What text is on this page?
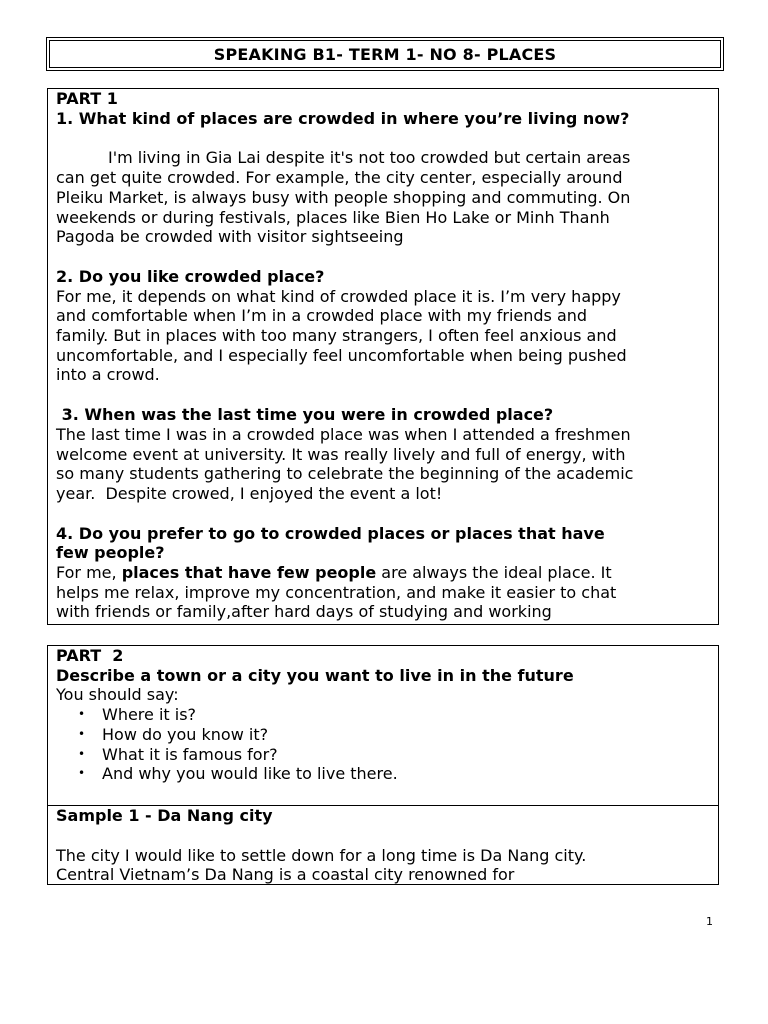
SPEAKING B1- TERM 1- NO 8- PLACES
PART 1
1. What kind of places are crowded in where you’re living now?
I'm living in Gia Lai despite it's not too crowded but certain areas
can get quite crowded. For example, the city center, especially around
Pleiku Market, is always busy with people shopping and commuting. On
weekends or during festivals, places like Bien Ho Lake or Minh Thanh
Pagoda be crowded with visitor sightseeing
2. Do you like crowded place?
For me, it depends on what kind of crowded place it is. I’m very happy
and comfortable when I’m in a crowded place with my friends and
family. But in places with too many strangers, I often feel anxious and
uncomfortable, and I especially feel uncomfortable when being pushed
into a crowd.
3. When was the last time you were in crowded place?
The last time I was in a crowded place was when I attended a freshmen
welcome event at university. It was really lively and full of energy, with
so many students gathering to celebrate the beginning of the academic
year.  Despite crowed, I enjoyed the event a lot!
4. Do you prefer to go to crowded places or places that have
few people?
For me, places that have few people are always the ideal place. It
helps me relax, improve my concentration, and make it easier to chat
with friends or family,after hard days of studying and working
PART  2
Describe a town or a city you want to live in in the future
You should say:
• Where it is?
• How do you know it?
• What it is famous for?
• And why you would like to live there.
Sample 1 - Da Nang city
The city I would like to settle down for a long time is Da Nang city.
Central Vietnam’s Da Nang is a coastal city renowned for
1
